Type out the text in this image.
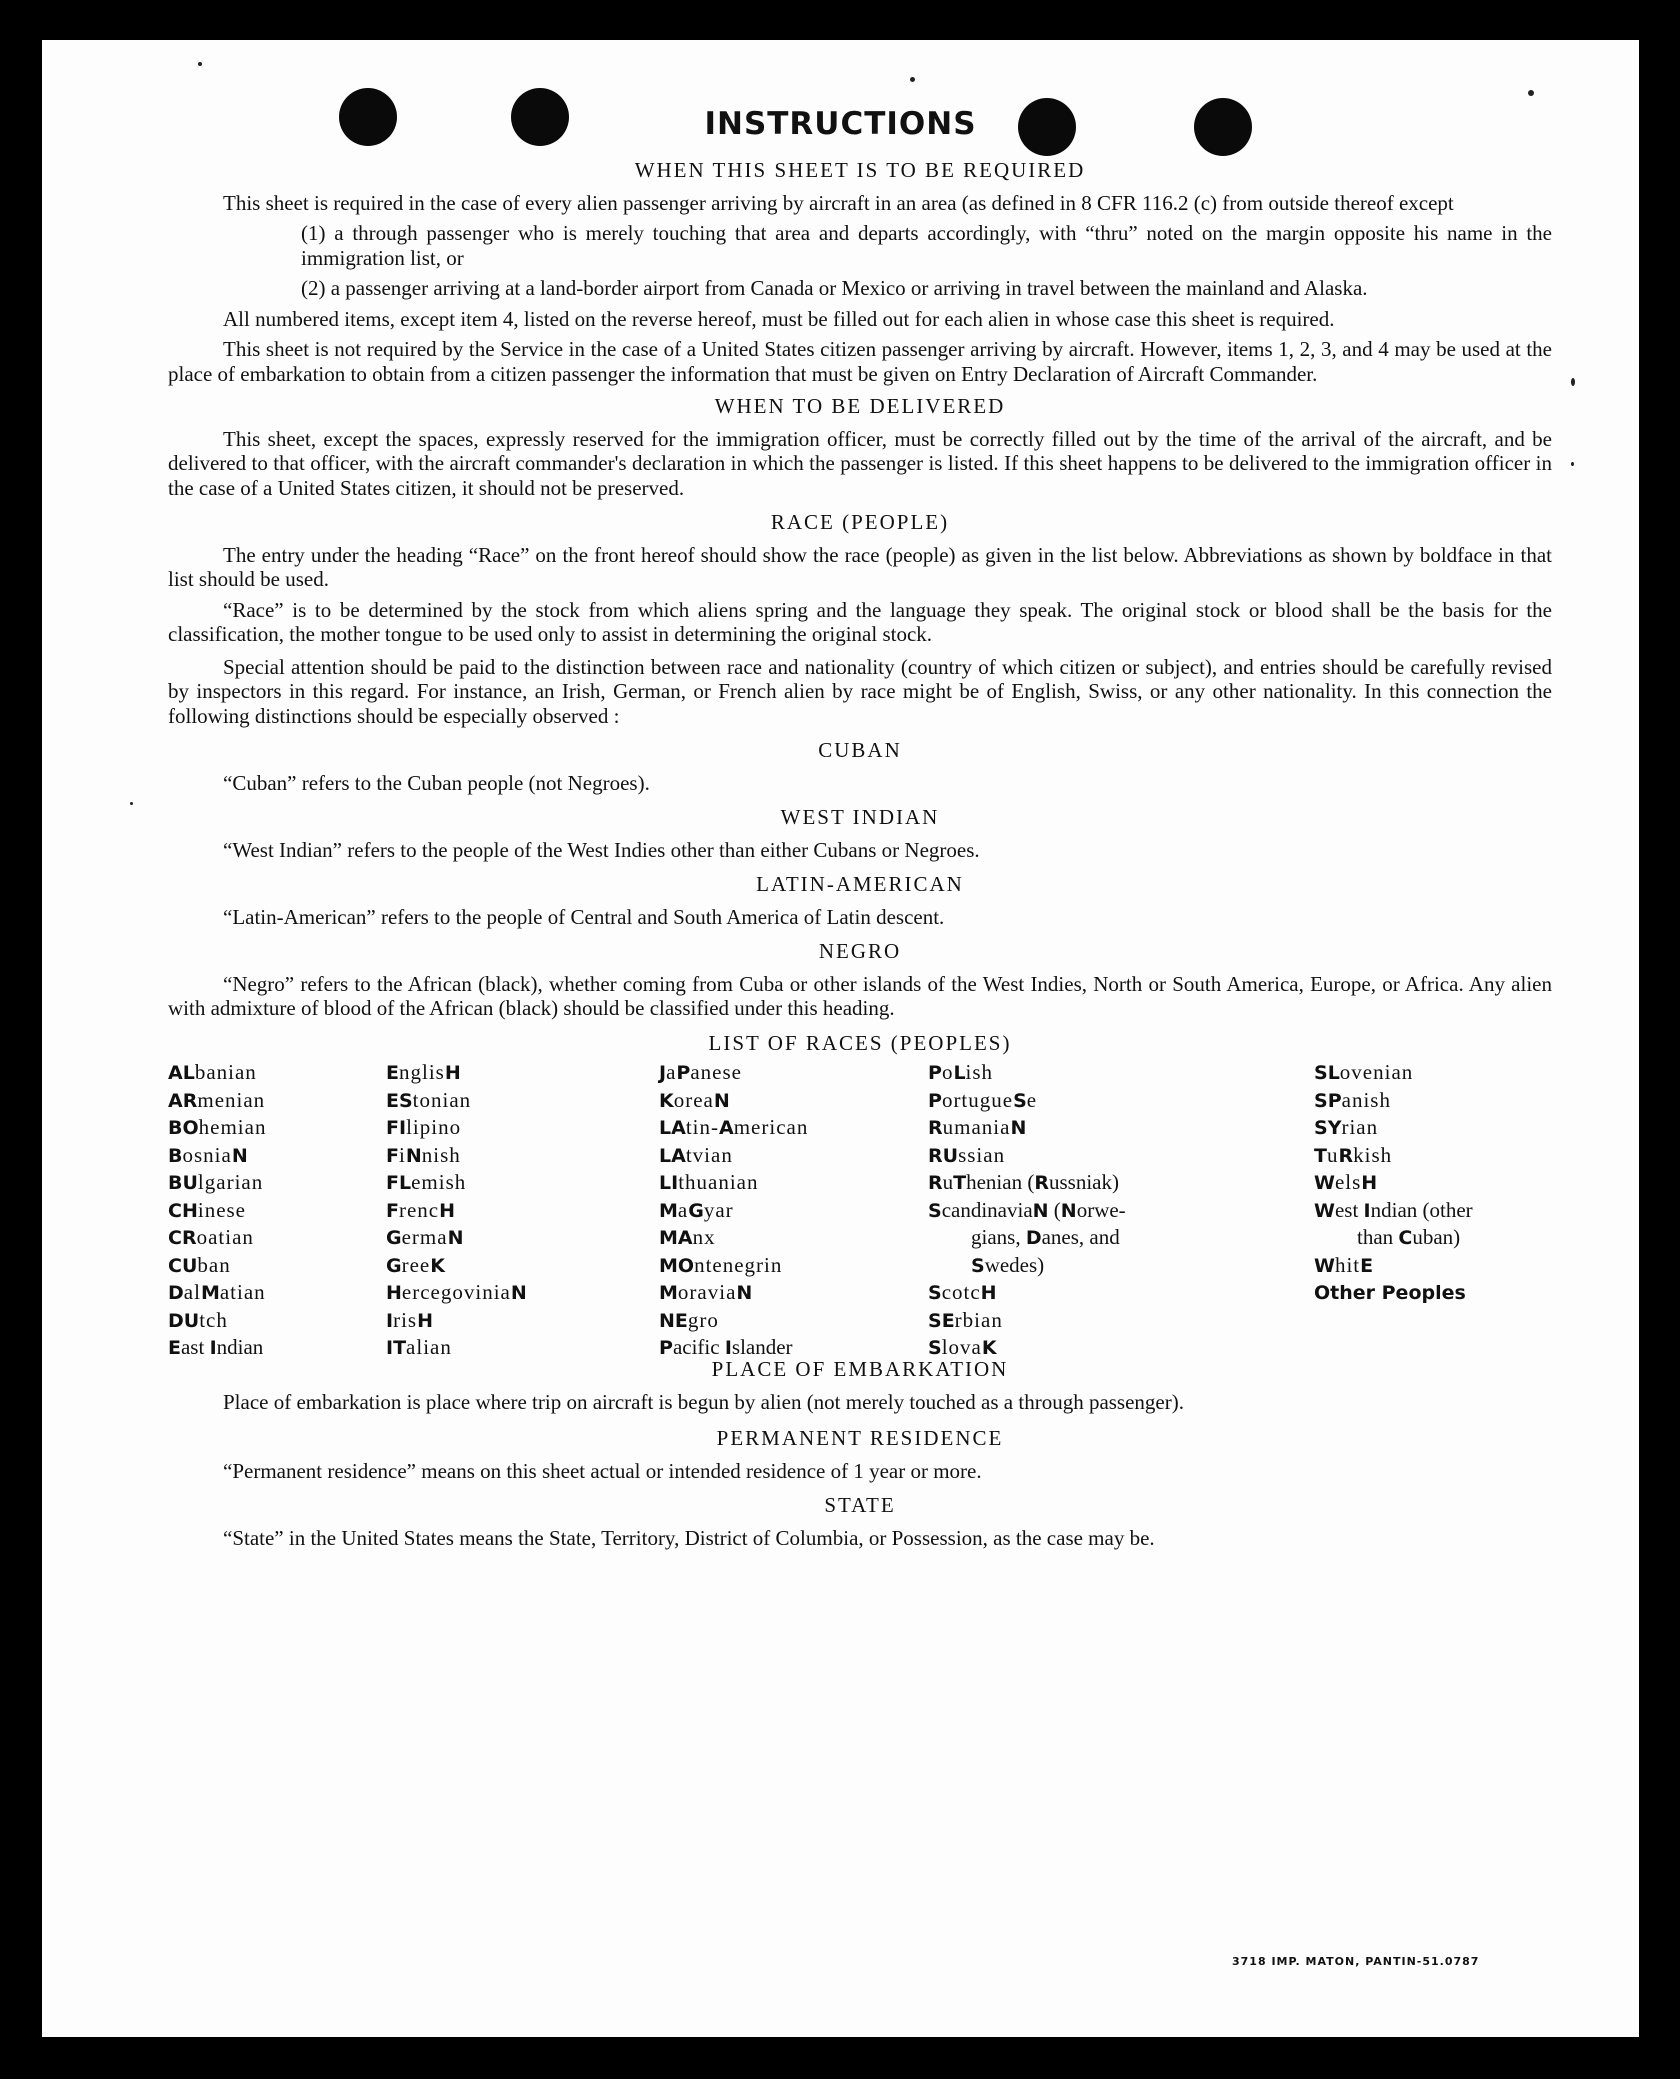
INSTRUCTIONS
WHEN THIS SHEET IS TO BE REQUIRED

This sheet is required in the case of every alien passenger arriving by aircraft in an area (as defined in 8 CFR 116.2 (c) from outside thereof except

(1) a through passenger who is merely touching that area and departs accordingly, with “thru” noted on the margin opposite his name in the immigration list, or

(2) a passenger arriving at a land-border airport from Canada or Mexico or arriving in travel between the mainland and Alaska.

All numbered items, except item 4, listed on the reverse hereof, must be filled out for each alien in whose case this sheet is required.

This sheet is not required by the Service in the case of a United States citizen passenger arriving by aircraft. However, items 1, 2, 3, and 4 may be used at the place of embarkation to obtain from a citizen passenger the information that must be given on Entry Declaration of Aircraft Commander.

WHEN TO BE DELIVERED

This sheet, except the spaces, expressly reserved for the immigration officer, must be correctly filled out by the time of the arrival of the aircraft, and be delivered to that officer, with the aircraft commander's declaration in which the passenger is listed. If this sheet happens to be delivered to the immigration officer in the case of a United States citizen, it should not be preserved.

RACE (PEOPLE)

The entry under the heading “Race” on the front hereof should show the race (people) as given in the list below. Abbreviations as shown by boldface in that list should be used.

“Race” is to be determined by the stock from which aliens spring and the language they speak. The original stock or blood shall be the basis for the classification, the mother tongue to be used only to assist in determining the original stock.

Special attention should be paid to the distinction between race and nationality (country of which citizen or subject), and entries should be carefully revised by inspectors in this regard. For instance, an Irish, German, or French alien by race might be of English, Swiss, or any other nationality. In this connection the following distinctions should be especially observed :

CUBAN

“Cuban” refers to the Cuban people (not Negroes).

WEST INDIAN

“West Indian” refers to the people of the West Indies other than either Cubans or Negroes.

LATIN-AMERICAN

“Latin-American” refers to the people of Central and South America of Latin descent.

NEGRO

“Negro” refers to the African (black), whether coming from Cuba or other islands of the West Indies, North or South America, Europe, or Africa. Any alien with admixture of blood of the African (black) should be classified under this heading.

LIST OF RACES (PEOPLES)
ALbanian
ARmenian
BOhemian
BosniaN
BUlgarian
CHinese
CRoatian
CUban
DalMatian
DUtch
East Indian
EnglisH
EStonian
FIlipino
FiNnish
FLemish
FrencH
GermaN
GreeK
HercegoviniaN
IrisH
ITalian
JaPanese
KoreaN
LAtin-American
LAtvian
LIthuanian
MaGyar
MAnx
MOntenegrin
MoraviaN
NEgro
Pacific Islander
PoLish
PortugueSe
RumaniaN
RUssian
RuThenian (Russniak)
ScandinaviaN (Norwe-
gians, Danes, and
Swedes)
ScotcH
SErbian
SlovaK
SLovenian
SPanish
SYrian
TuRkish
WelsH
West Indian (other
than Cuban)
WhitE
Other Peoples
PLACE OF EMBARKATION

Place of embarkation is place where trip on aircraft is begun by alien (not merely touched as a through passenger).

PERMANENT RESIDENCE

“Permanent residence” means on this sheet actual or intended residence of 1 year or more.

STATE

“State” in the United States means the State, Territory, District of Columbia, or Possession, as the case may be.

3718 IMP. MATON, PANTIN-51.0787
